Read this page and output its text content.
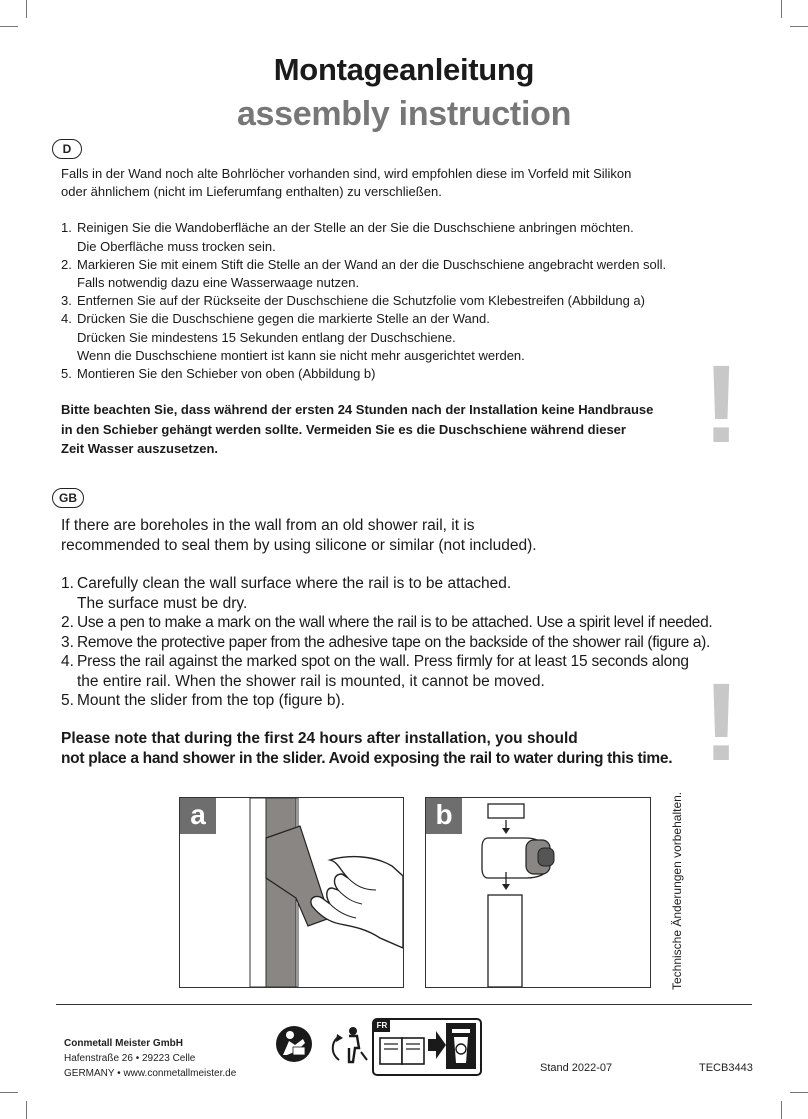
Montageanleitung
assembly instruction
D
Falls in der Wand noch alte Bohrlöcher vorhanden sind, wird empfohlen diese im Vorfeld mit Silikon
oder ähnlichem (nicht im Lieferumfang enthalten) zu verschließen.
1. Reinigen Sie die Wandoberfläche an der Stelle an der Sie die Duschschiene anbringen möchten.
Die Oberfläche muss trocken sein.
2. Markieren Sie mit einem Stift die Stelle an der Wand an der die Duschschiene angebracht werden soll.
Falls notwendig dazu eine Wasserwaage nutzen.
3. Entfernen Sie auf der Rückseite der Duschschiene die Schutzfolie vom Klebestreifen (Abbildung a)
4. Drücken Sie die Duschschiene gegen die markierte Stelle an der Wand.
Drücken Sie mindestens 15 Sekunden entlang der Duschschiene.
Wenn die Duschschiene montiert ist kann sie nicht mehr ausgerichtet werden.
5. Montieren Sie den Schieber von oben (Abbildung b)
Bitte beachten Sie, dass während der ersten 24 Stunden nach der Installation keine Handbrause
in den Schieber gehängt werden sollte. Vermeiden Sie es die Duschschiene während dieser
Zeit Wasser auszusetzen.	!
GB
If there are boreholes in the wall from an old shower rail, it is
recommended to seal them by using silicone or similar (not included).
1. Carefully clean the wall surface where the rail is to be attached.
The surface must be dry.
2. Use a pen to make a mark on the wall where the rail is to be attached. Use a spirit level if needed.
3. Remove the protective paper from the adhesive tape on the backside of the shower rail (figure a).
4. Press the rail against the marked spot on the wall. Press firmly for at least 15 seconds along
the entire rail. When the shower rail is mounted, it cannot be moved.
5. Mount the slider from the top (figure b).
Please note that during the first 24 hours after installation, you should
not place a hand shower in the slider. Avoid exposing the rail to water during this time. !
a	b	Technische Änderungen vorbehalten.
Conmetall Meister GmbH
Hafenstraße 26 • 29223 Celle
GERMANY • www.conmetallmeister.de
FR
Stand 2022-07	TECB3443
